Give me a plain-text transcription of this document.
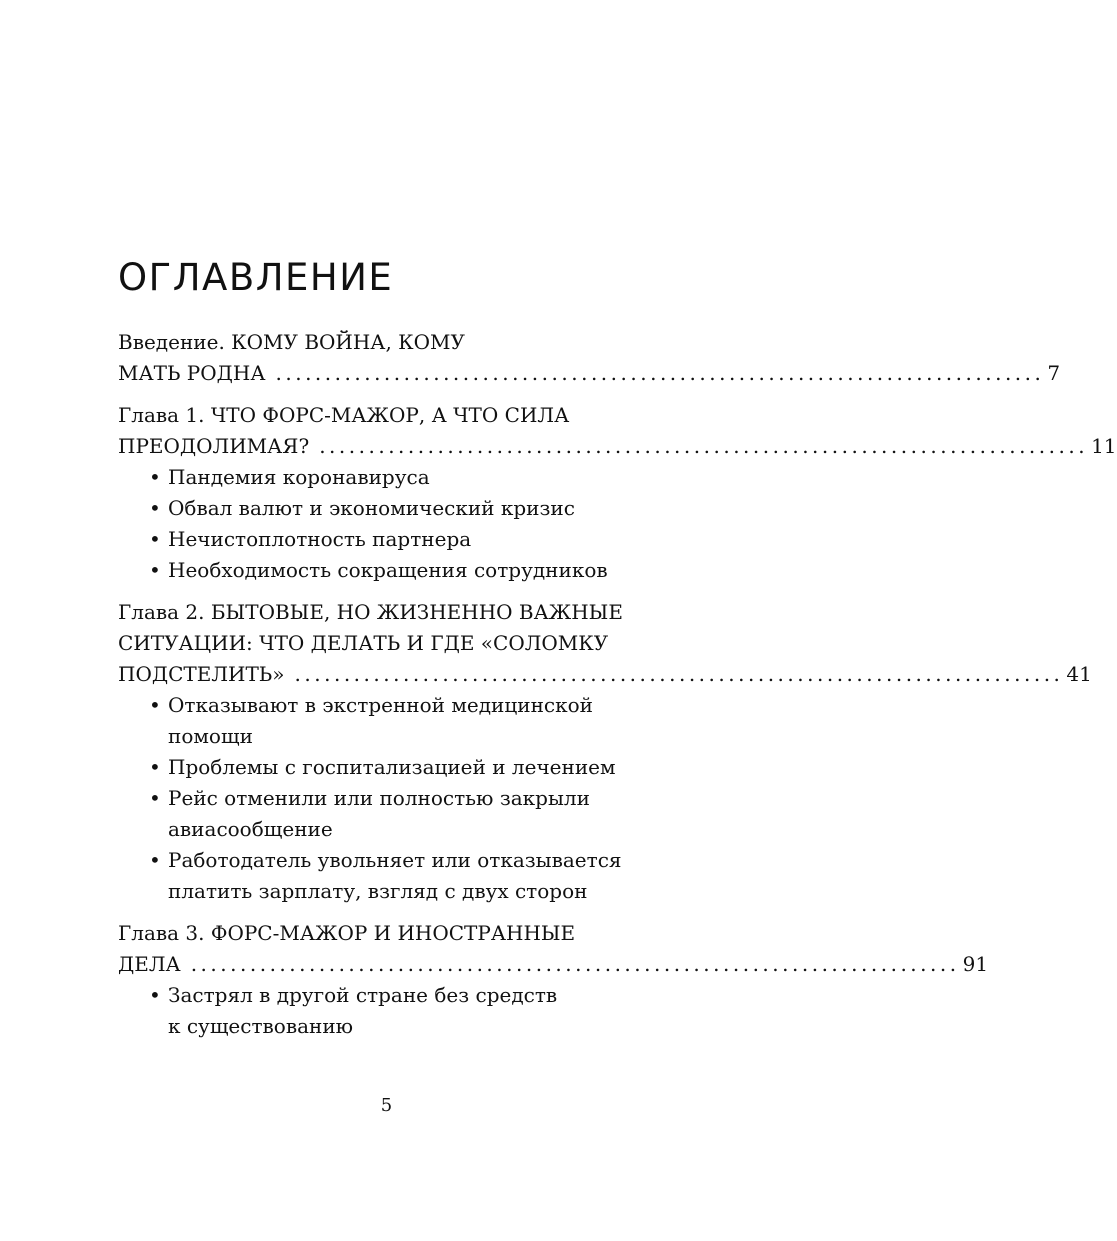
ОГЛАВЛЕНИЕ
Введение. КОМУ ВОЙНА, КОМУ
МАТЬ РОДНА .............................................................................. 7
Глава 1. ЧТО ФОРС-МАЖОР, А ЧТО СИЛА
ПРЕОДОЛИМАЯ? .............................................................................. 11
• Пандемия коронавируса
• Обвал валют и экономический кризис
• Нечистоплотность партнера
• Необходимость сокращения сотрудников
Глава 2. БЫТОВЫЕ, НО ЖИЗНЕННО ВАЖНЫЕ
СИТУАЦИИ: ЧТО ДЕЛАТЬ И ГДЕ «СОЛОМКУ
ПОДСТЕЛИТЬ» .............................................................................. 41
• Отказывают в экстренной медицинской
помощи
• Проблемы с госпитализацией и лечением
• Рейс отменили или полностью закрыли
авиасообщение
• Работодатель увольняет или отказывается
платить зарплату, взгляд с двух сторон
Глава 3. ФОРС-МАЖОР И ИНОСТРАННЫЕ
ДЕЛА .............................................................................. 91
• Застрял в другой стране без средств
к существованию
5
